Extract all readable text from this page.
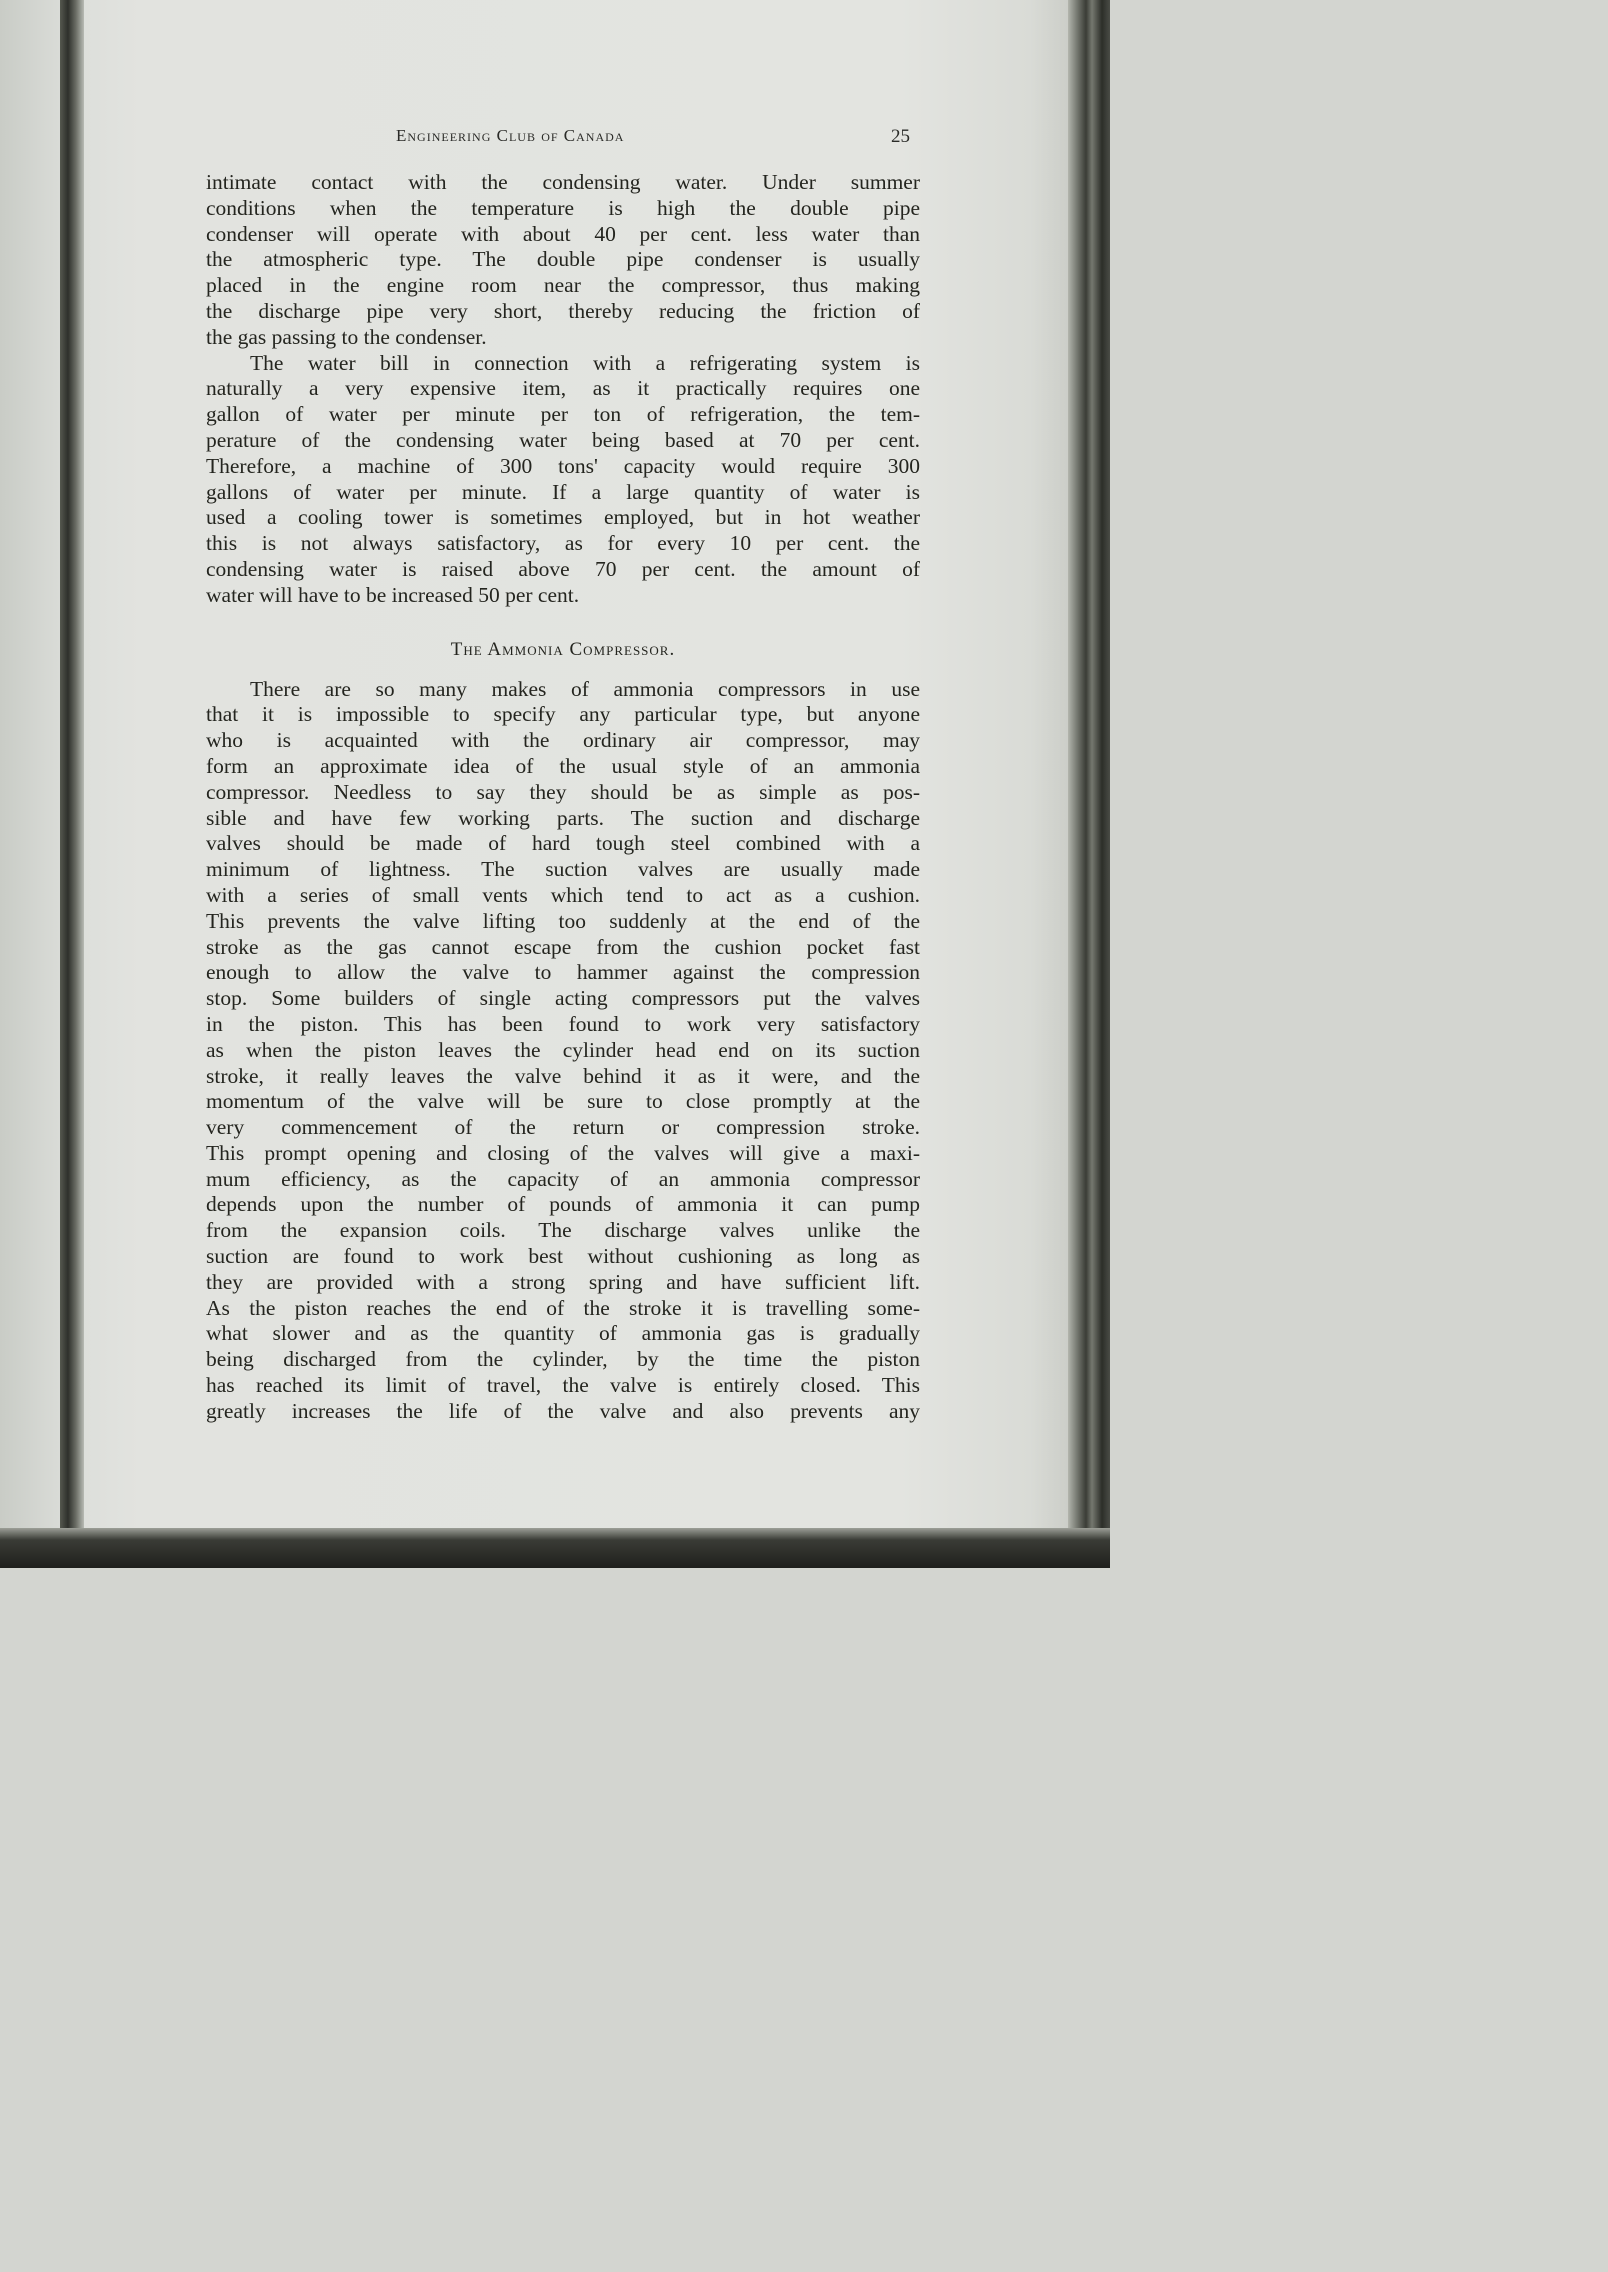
Engineering Club of Canada	25
intimate contact with the condensing water. Under summer
conditions when the temperature is high the double pipe
condenser will operate with about 40 per cent. less water than
the atmospheric type. The double pipe condenser is usually
placed in the engine room near the compressor, thus making
the discharge pipe very short, thereby reducing the friction of
the gas passing to the condenser.
The water bill in connection with a refrigerating system is
naturally a very expensive item, as it practically requires one
gallon of water per minute per ton of refrigeration, the tem-
perature of the condensing water being based at 70 per cent.
Therefore, a machine of 300 tons' capacity would require 300
gallons of water per minute. If a large quantity of water is
used a cooling tower is sometimes employed, but in hot weather
this is not always satisfactory, as for every 10 per cent. the
condensing water is raised above 70 per cent. the amount of
water will have to be increased 50 per cent.
The Ammonia Compressor.
There are so many makes of ammonia compressors in use
that it is impossible to specify any particular type, but anyone
who is acquainted with the ordinary air compressor, may
form an approximate idea of the usual style of an ammonia
compressor. Needless to say they should be as simple as pos-
sible and have few working parts. The suction and discharge
valves should be made of hard tough steel combined with a
minimum of lightness. The suction valves are usually made
with a series of small vents which tend to act as a cushion.
This prevents the valve lifting too suddenly at the end of the
stroke as the gas cannot escape from the cushion pocket fast
enough to allow the valve to hammer against the compression
stop. Some builders of single acting compressors put the valves
in the piston. This has been found to work very satisfactory
as when the piston leaves the cylinder head end on its suction
stroke, it really leaves the valve behind it as it were, and the
momentum of the valve will be sure to close promptly at the
very commencement of the return or compression stroke.
This prompt opening and closing of the valves will give a maxi-
mum efficiency, as the capacity of an ammonia compressor
depends upon the number of pounds of ammonia it can pump
from the expansion coils. The discharge valves unlike the
suction are found to work best without cushioning as long as
they are provided with a strong spring and have sufficient lift.
As the piston reaches the end of the stroke it is travelling some-
what slower and as the quantity of ammonia gas is gradually
being discharged from the cylinder, by the time the piston
has reached its limit of travel, the valve is entirely closed. This
greatly increases the life of the valve and also prevents any
